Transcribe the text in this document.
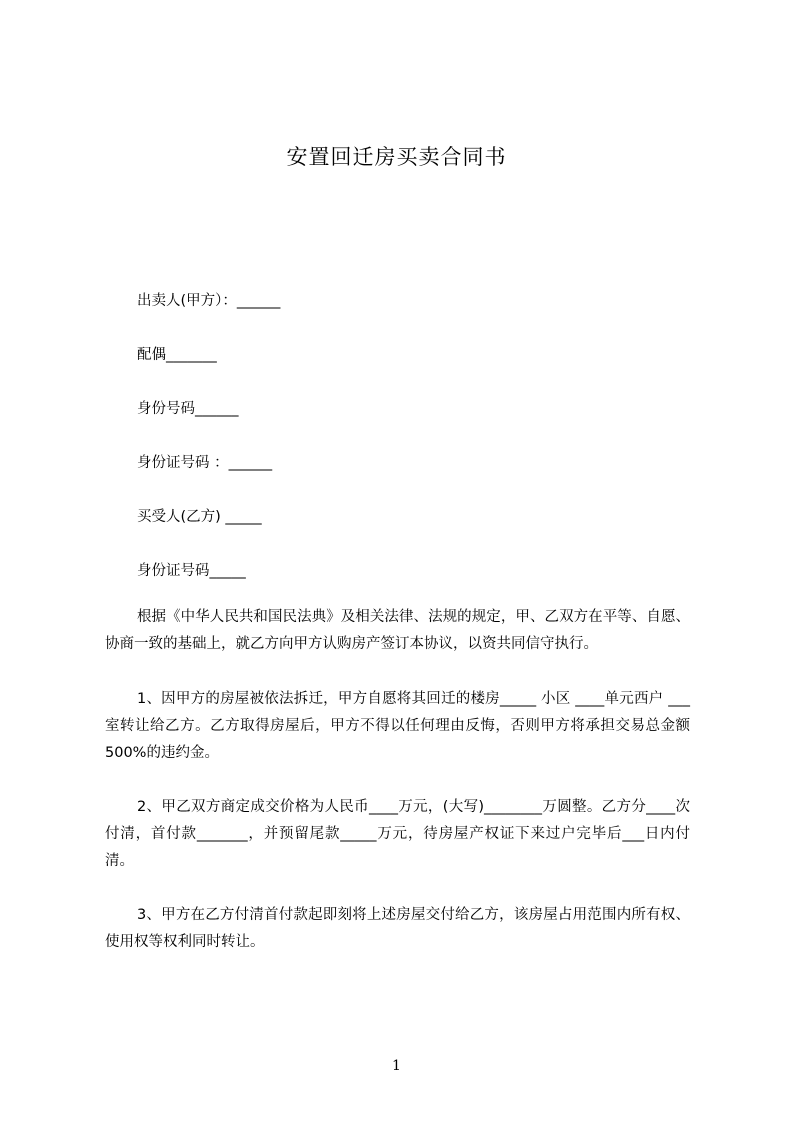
安置回迁房买卖合同书
出卖人(甲方）：______
配偶_______
身份号码______
身份证号码 ：______
买受人(乙方) _____
身份证号码_____
根据《中华人民共和国民法典》及相关法律、法规的规定，甲、乙双方在平等、自愿、协商一致的基础上，就乙方向甲方认购房产签订本协议，以资共同信守执行。
1、因甲方的房屋被依法拆迁，甲方自愿将其回迁的楼房_____ 小区 ____单元西户 ___室转让给乙方。乙方取得房屋后，甲方不得以任何理由反悔，否则甲方将承担交易总金额 500%的违约金。
2、甲乙双方商定成交价格为人民币____万元，(大写)________万圆整。乙方分____次付清，首付款_______，并预留尾款_____万元，待房屋产权证下来过户完毕后___日内付清。
3、甲方在乙方付清首付款起即刻将上述房屋交付给乙方，该房屋占用范围内所有权、使用权等权利同时转让。
1
